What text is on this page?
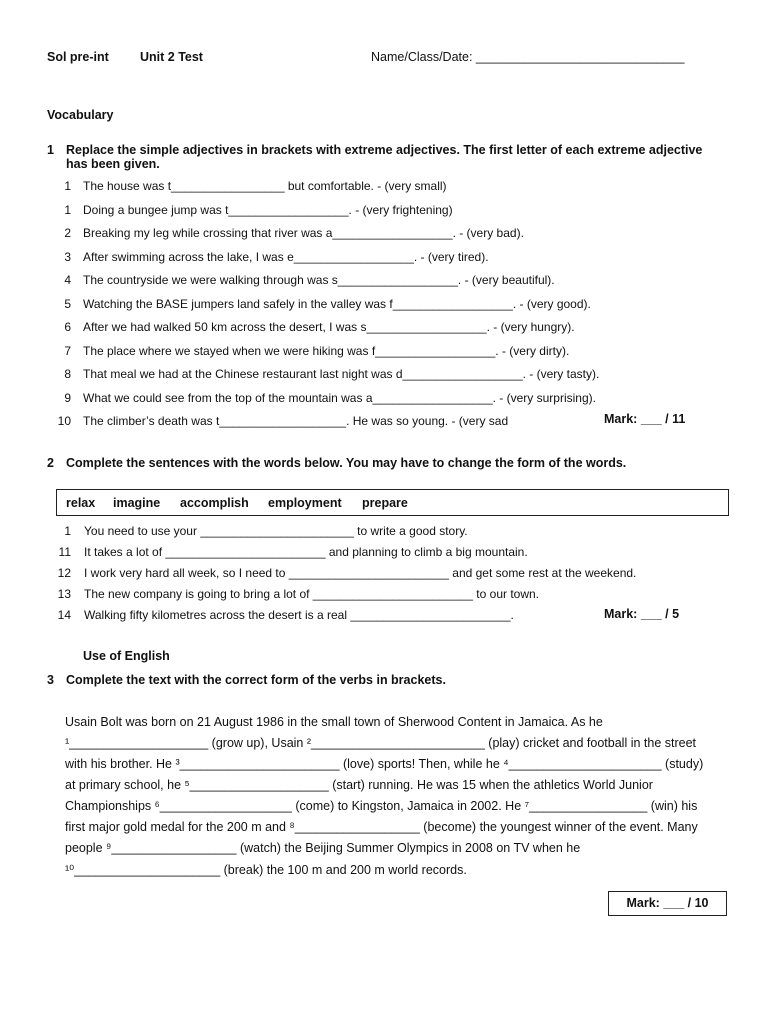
Sol pre-int Unit 2 Test	Name/Class/Date: ______________________________
Vocabulary
1 Replace the simple adjectives in brackets with extreme adjectives. The first letter of each extreme adjective
has been given.
1 The house was t_________________ but comfortable. - (very small)
1 Doing a bungee jump was t__________________. - (very frightening)
2 Breaking my leg while crossing that river was a__________________. - (very bad).
3 After swimming across the lake, I was e__________________. - (very tired).
4 The countryside we were walking through was s__________________. - (very beautiful).
5 Watching the BASE jumpers land safely in the valley was f__________________. - (very good).
6 After we had walked 50 km across the desert, I was s__________________. - (very hungry).
7 The place where we stayed when we were hiking was f__________________. - (very dirty).
8 That meal we had at the Chinese restaurant last night was d__________________. - (very tasty).
9 What we could see from the top of the mountain was a__________________. - (very surprising).
10 The climber’s death was t___________________. He was so young. - (very sad	Mark: ___ / 11
2 Complete the sentences with the words below. You may have to change the form of the words.
relax imagine accomplish employment prepare
1 You need to use your _______________________ to write a good story.
11 It takes a lot of ________________________ and planning to climb a big mountain.
12 I work very hard all week, so I need to ________________________ and get some rest at the weekend.
13 The new company is going to bring a lot of ________________________ to our town.
14 Walking fifty kilometres across the desert is a real ________________________.	Mark: ___ / 5
Use of English
3 Complete the text with the correct form of the verbs in brackets.
Usain Bolt was born on 21 August 1986 in the small town of Sherwood Content in Jamaica. As he
¹____________________ (grow up), Usain ²_________________________ (play) cricket and football in the street
with his brother. He ³_______________________ (love) sports! Then, while he ⁴______________________ (study)
at primary school, he ⁵____________________ (start) running. He was 15 when the athletics World Junior
Championships ⁶___________________ (come) to Kingston, Jamaica in 2002. He ⁷_________________ (win) his
first major gold medal for the 200 m and ⁸__________________ (become) the youngest winner of the event. Many
people ⁹__________________ (watch) the Beijing Summer Olympics in 2008 on TV when he
¹⁰_____________________ (break) the 100 m and 200 m world records.
Mark: ___ / 10
